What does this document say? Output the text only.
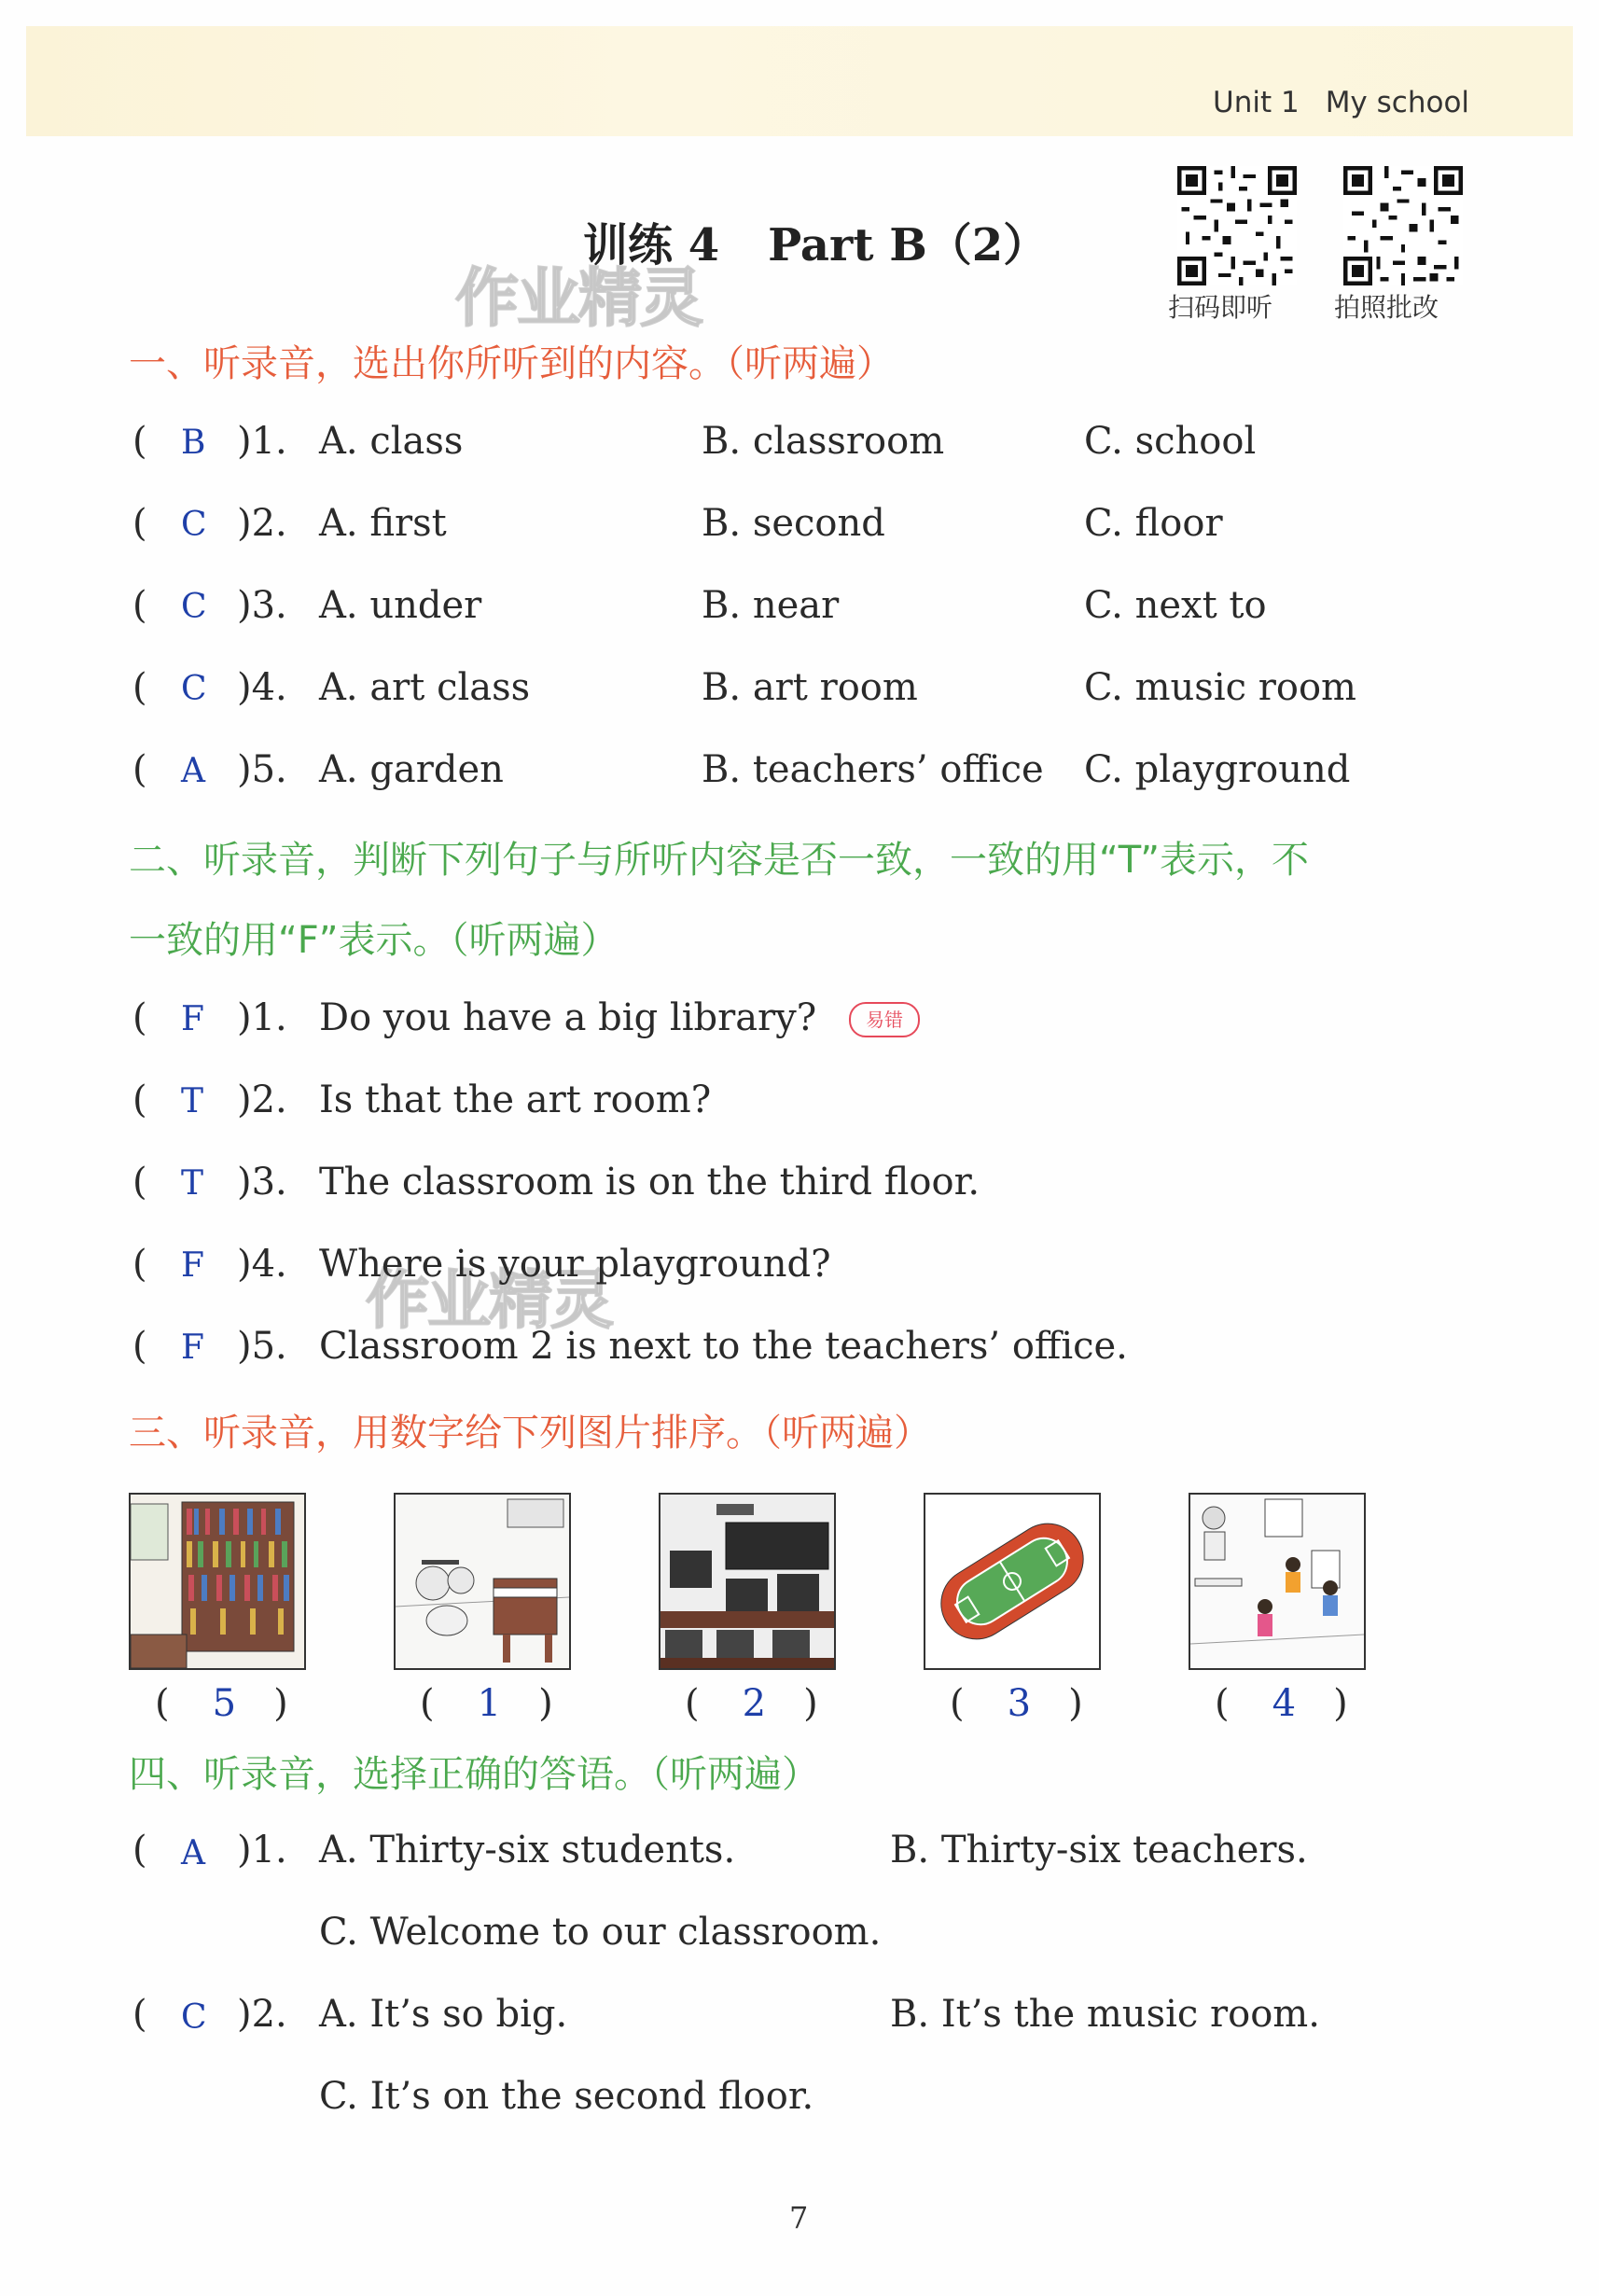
Unit 1 My school
训练 4 Part B（2）
作业精灵
作业精灵
扫码即听 拍照批改
一、听录音，选出你所听到的内容。（听两遍）
( B )1. A. class	B. classroom	C. school
( C )2. A. first	B. second	C. floor
( C )3. A. under	B. near	C. next to
( C )4. A. art class	B. art room	C. music room
( A )5. A. garden	B. teachers’ office C. playground
二、听录音，判断下列句子与所听内容是否一致，一致的用“T”表示，不
一致的用“F”表示。（听两遍）
( F )1. Do you have a big library?	易错
( T )2. Is that the art room?
( T )3. The classroom is on the third floor.
( F )4. Where is your playground?
( F )5. Classroom 2 is next to the teachers’ office.
三、听录音，用数字给下列图片排序。（听两遍）
( 5 )	( 1 )	( 2 )	( 3 )	( 4 )
四、听录音，选择正确的答语。（听两遍）
( A )1. A. Thirty-six students.	B. Thirty-six teachers.
C. Welcome to our classroom.
( C )2. A. It’s so big.	B. It’s the music room.
C. It’s on the second floor.
7
